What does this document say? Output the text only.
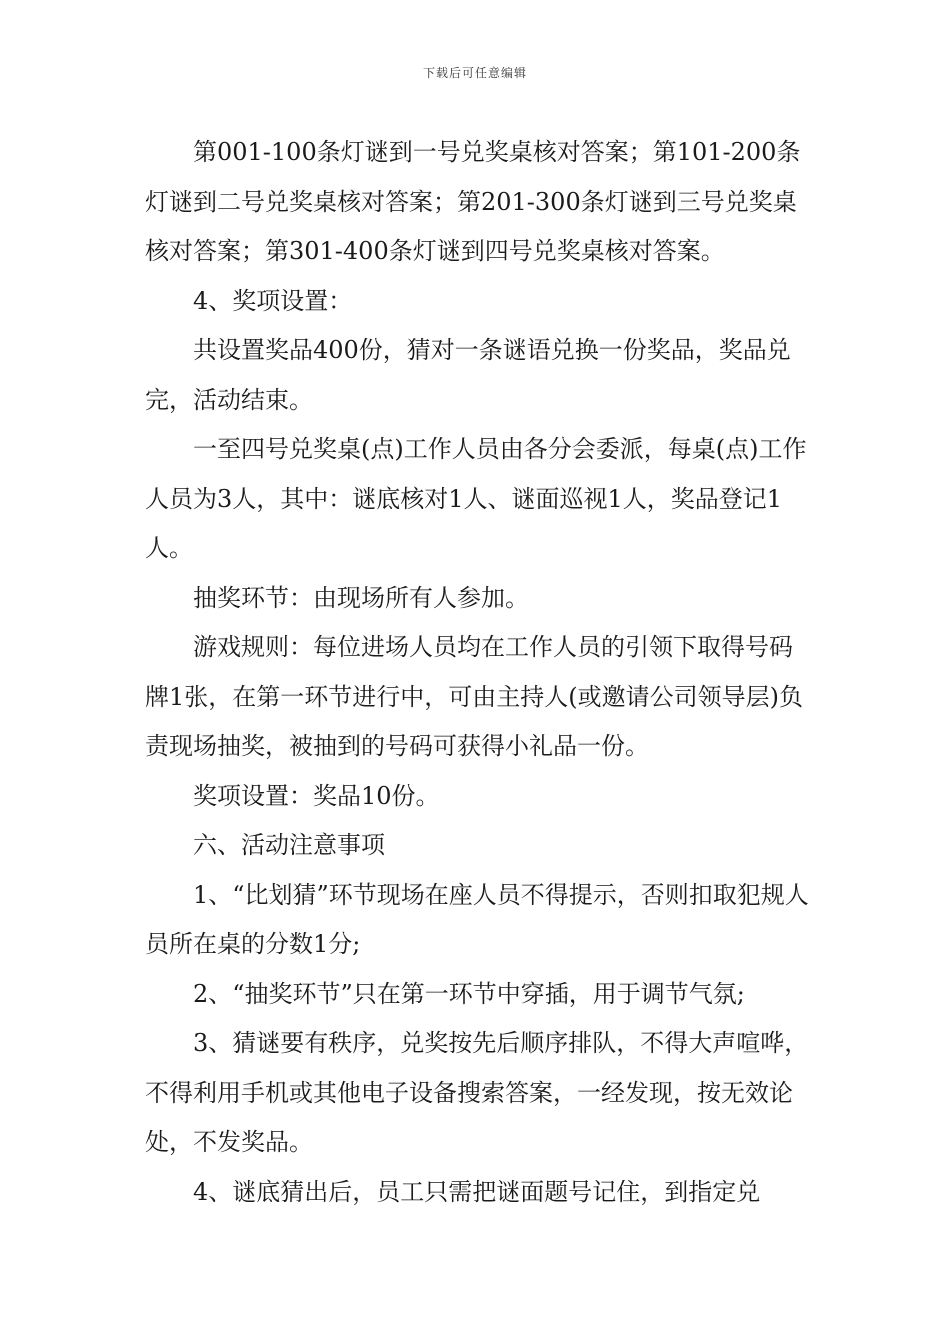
下载后可任意编辑

第001-100条灯谜到一号兑奖桌核对答案；第101-200条灯谜到二号兑奖桌核对答案；第201-300条灯谜到三号兑奖桌核对答案；第301-400条灯谜到四号兑奖桌核对答案。

4、奖项设置：

共设置奖品400份，猜对一条谜语兑换一份奖品，奖品兑完，活动结束。

一至四号兑奖桌(点)工作人员由各分会委派，每桌(点)工作人员为3人，其中：谜底核对1人、谜面巡视1人，奖品登记1人。

抽奖环节：由现场所有人参加。

游戏规则：每位进场人员均在工作人员的引领下取得号码牌1张，在第一环节进行中，可由主持人(或邀请公司领导层)负责现场抽奖，被抽到的号码可获得小礼品一份。

奖项设置：奖品10份。

六、活动注意事项

1、“比划猜”环节现场在座人员不得提示，否则扣取犯规人员所在桌的分数1分;

2、“抽奖环节”只在第一环节中穿插，用于调节气氛;

3、猜谜要有秩序，兑奖按先后顺序排队，不得大声喧哗，不得利用手机或其他电子设备搜索答案，一经发现，按无效论处，不发奖品。

4、谜底猜出后，员工只需把谜面题号记住，到指定兑
